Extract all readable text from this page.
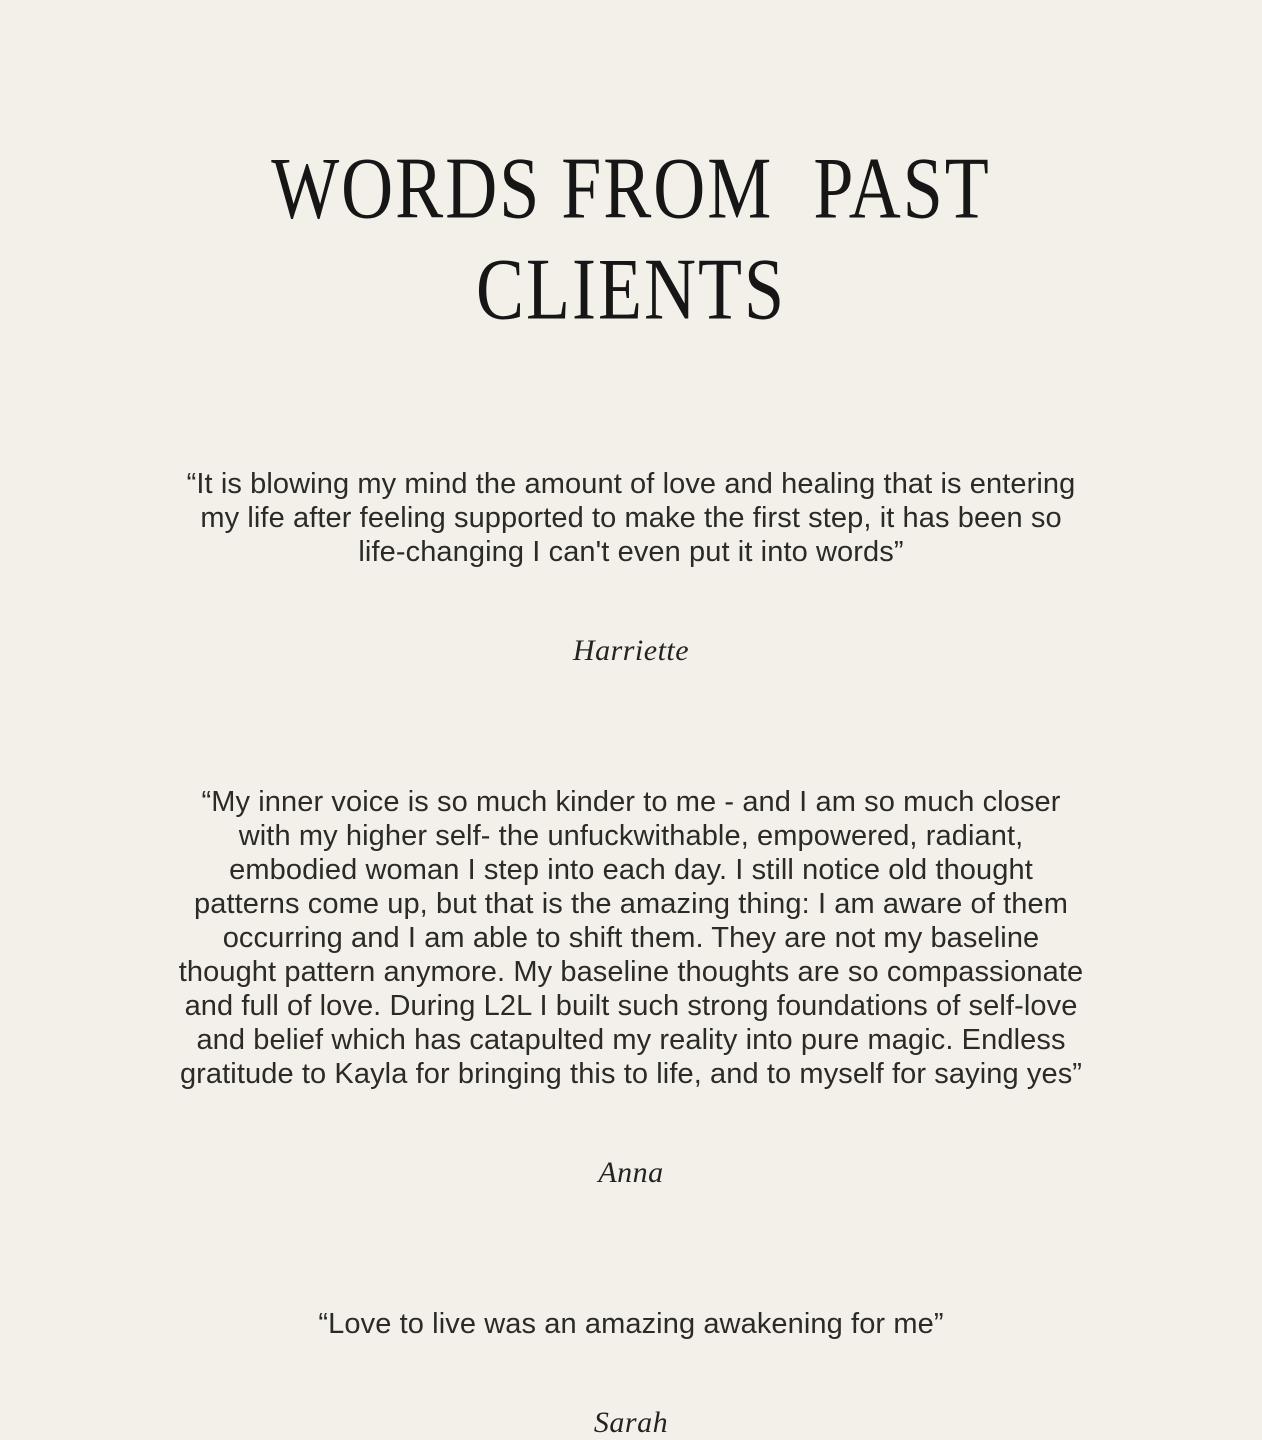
WORDS FROM  PAST
CLIENTS

“It is blowing my mind the amount of love and healing that is entering my life after feeling supported to make the first step, it has been so life-changing I can't even put it into words”

Harriette

“My inner voice is so much kinder to me - and I am so much closer with my higher self- the unfuckwithable, empowered, radiant, embodied woman I step into each day. I still notice old thought patterns come up, but that is the amazing thing: I am aware of them occurring and I am able to shift them. They are not my baseline thought pattern anymore. My baseline thoughts are so compassionate and full of love. During L2L I built such strong foundations of self-love and belief which has catapulted my reality into pure magic. Endless gratitude to Kayla for bringing this to life, and to myself for saying yes”

Anna

“Love to live was an amazing awakening for me”

Sarah
